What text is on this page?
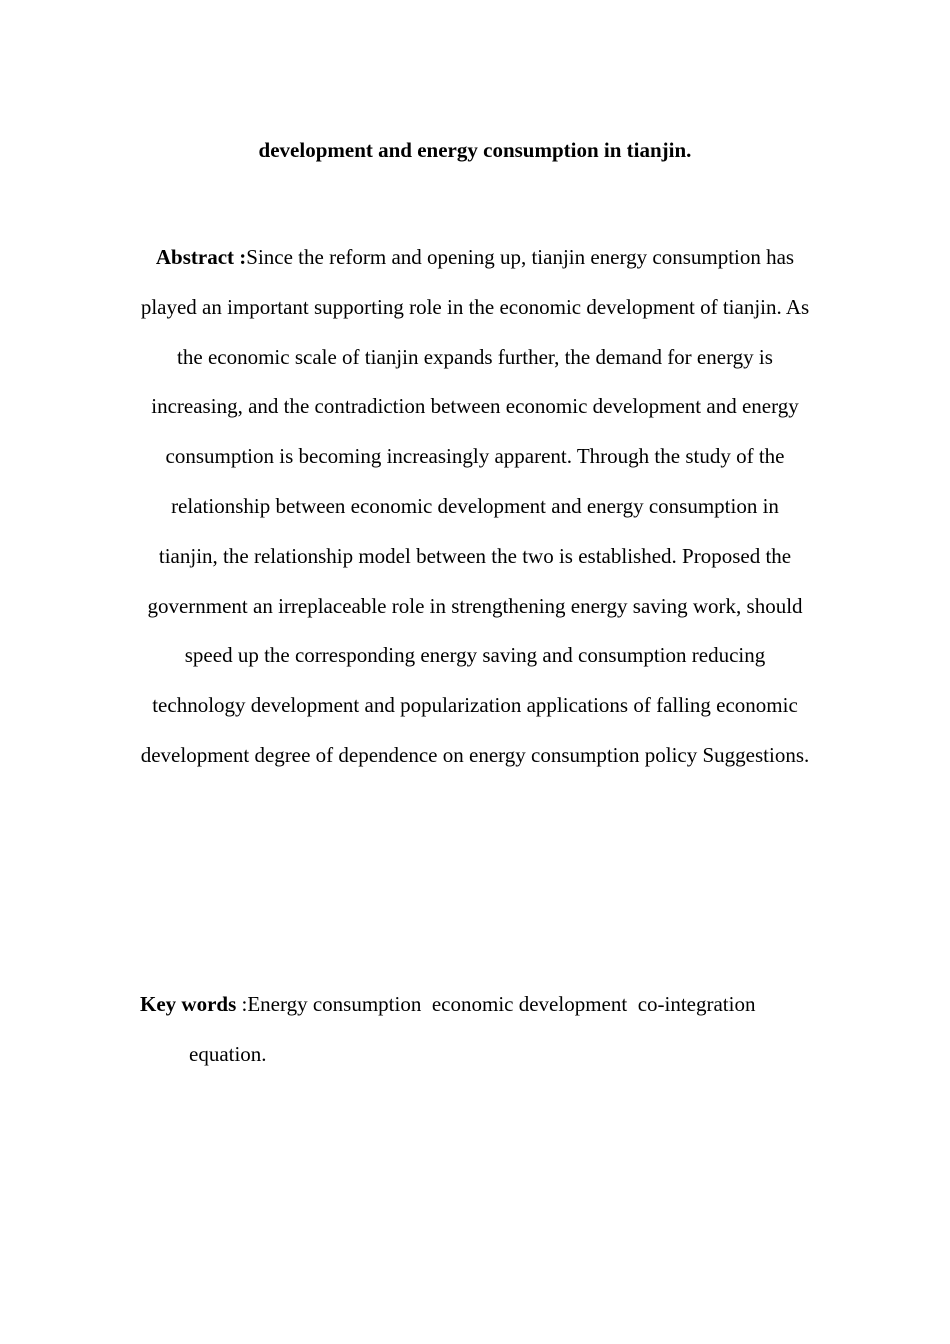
development and energy consumption in tianjin.

Abstract :Since the reform and opening up, tianjin energy consumption has played an important supporting role in the economic development of tianjin. As the economic scale of tianjin expands further, the demand for energy is increasing, and the contradiction between economic development and energy consumption is becoming increasingly apparent. Through the study of the relationship between economic development and energy consumption in tianjin, the relationship model between the two is established. Proposed the government an irreplaceable role in strengthening energy saving work, should speed up the corresponding energy saving and consumption reducing technology development and popularization applications of falling economic development degree of dependence on energy consumption policy Suggestions.

Key words :Energy consumption  economic development  co-integration equation.
